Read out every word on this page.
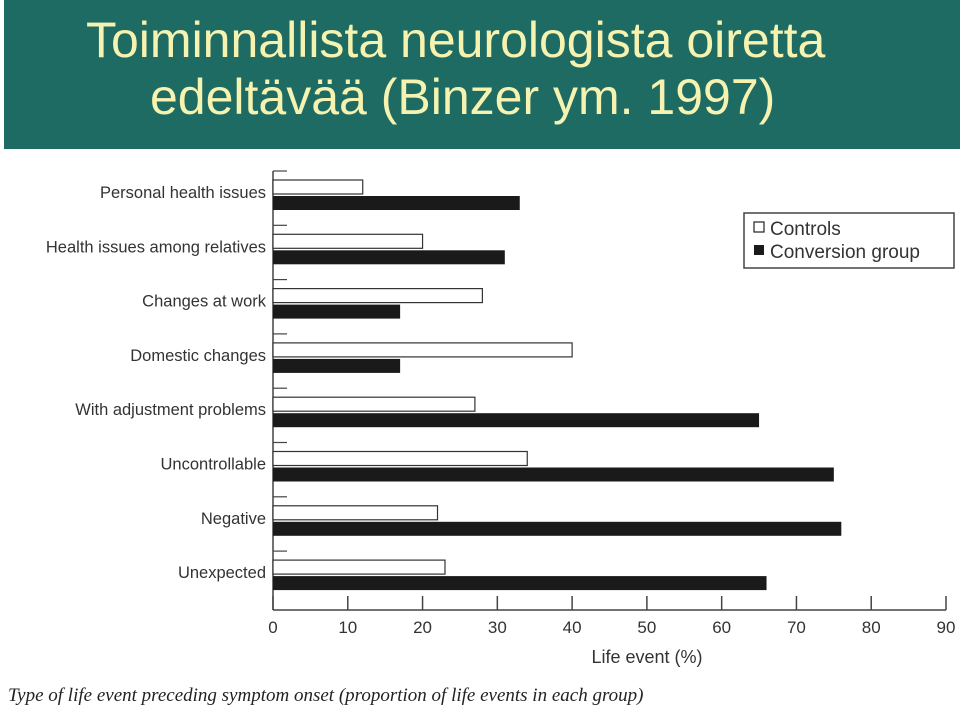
Toiminnallista neurologista oiretta
edeltävää (Binzer ym. 1997)
0	10	20	30	40	50	60	70	80	90
Personal health issues
Health issues among relatives
Changes at work
Domestic changes
With adjustment problems
Uncontrollable
Negative
Unexpected
Controls
Conversion group
Life event (%)
Type of life event preceding symptom onset (proportion of life events in each group)
